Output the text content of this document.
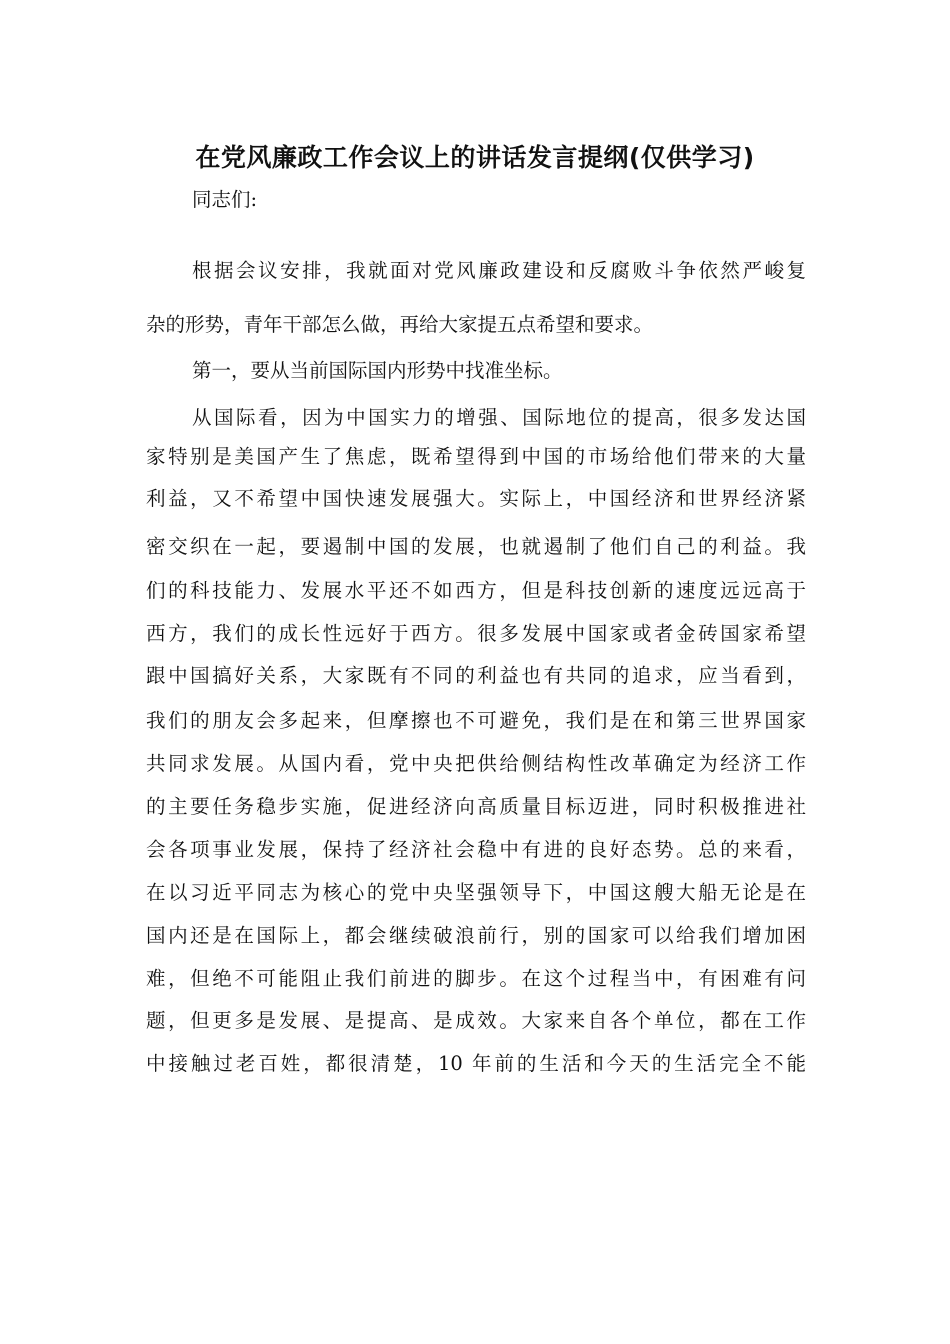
在党风廉政工作会议上的讲话发言提纲(仅供学习)
同志们:
根据会议安排，我就面对党风廉政建设和反腐败斗争依然严峻复
杂的形势，青年干部怎么做，再给大家提五点希望和要求。
第一，要从当前国际国内形势中找准坐标。
从国际看，因为中国实力的增强、国际地位的提高，很多发达国
家特别是美国产生了焦虑，既希望得到中国的市场给他们带来的大量
利益，又不希望中国快速发展强大。实际上，中国经济和世界经济紧
密交织在一起，要遏制中国的发展，也就遏制了他们自己的利益。我
们的科技能力、发展水平还不如西方，但是科技创新的速度远远高于
西方，我们的成长性远好于西方。很多发展中国家或者金砖国家希望
跟中国搞好关系，大家既有不同的利益也有共同的追求，应当看到，
我们的朋友会多起来，但摩擦也不可避免，我们是在和第三世界国家
共同求发展。从国内看，党中央把供给侧结构性改革确定为经济工作
的主要任务稳步实施，促进经济向高质量目标迈进，同时积极推进社
会各项事业发展，保持了经济社会稳中有进的良好态势。总的来看，
在以习近平同志为核心的党中央坚强领导下，中国这艘大船无论是在
国内还是在国际上，都会继续破浪前行，别的国家可以给我们增加困
难，但绝不可能阻止我们前进的脚步。在这个过程当中，有困难有问
题，但更多是发展、是提高、是成效。大家来自各个单位，都在工作
中接触过老百姓，都很清楚，10 年前的生活和今天的生活完全不能
